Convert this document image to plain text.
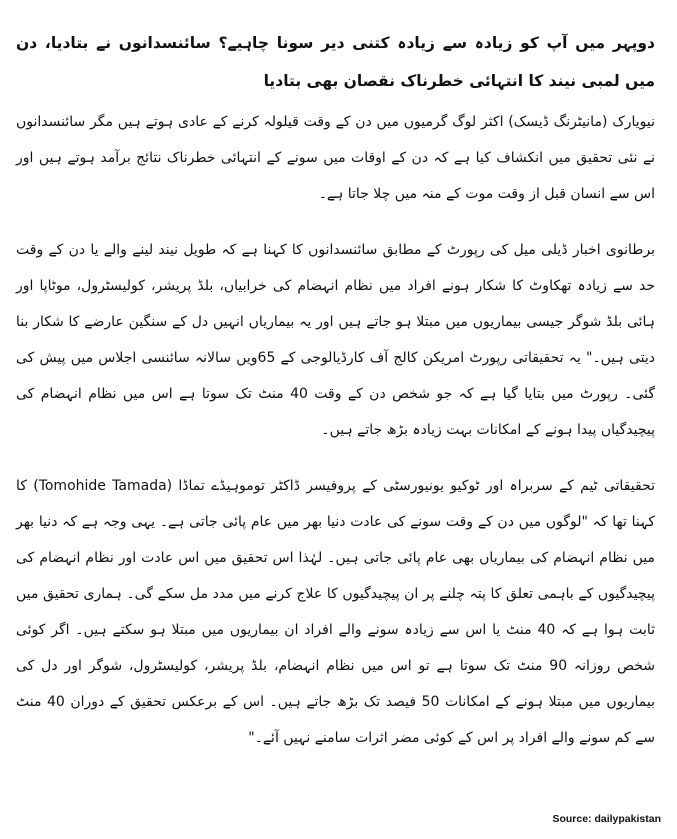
دوپہر میں آپ کو زیادہ سے زیادہ کتنی دیر سونا چاہیے؟ سائنسدانوں نے بتادیا، دن میں لمبی نیند کا انتہائی خطرناک نقصان بھی بتادیا

نیویارک (مانیٹرنگ ڈیسک) اکثر لوگ گرمیوں میں دن کے وقت قیلولہ کرنے کے عادی ہوتے ہیں مگر سائنسدانوں نے نئی تحقیق میں انکشاف کیا ہے کہ دن کے اوقات میں سونے کے انتہائی خطرناک نتائج برآمد ہوتے ہیں اور اس سے انسان قبل از وقت موت کے منہ میں چلا جاتا ہے۔

برطانوی اخبار ڈیلی میل کی رپورٹ کے مطابق سائنسدانوں کا کہنا ہے کہ طویل نیند لینے والے یا دن کے وقت حد سے زیادہ تھکاوٹ کا شکار ہونے افراد میں نظام انہضام کی خرابیاں، بلڈ پریشر، کولیسٹرول، موٹاپا اور ہائی بلڈ شوگر جیسی بیماریوں میں مبتلا ہو جاتے ہیں اور یہ بیماریاں انہیں دل کے سنگین عارضے کا شکار بنا دیتی ہیں۔" یہ تحقیقاتی رپورٹ امریکن کالج آف کارڈیالوجی کے 65ویں سالانہ سائنسی اجلاس میں پیش کی گئی۔ رپورٹ میں بتایا گیا ہے کہ جو شخص دن کے وقت 40 منٹ تک سوتا ہے اس میں نظام انہضام کی پیچیدگیاں پیدا ہونے کے امکانات بہت زیادہ بڑھ جاتے ہیں۔

تحقیقاتی ٹیم کے سربراہ اور ٹوکیو یونیورسٹی کے پروفیسر ڈاکٹر توموہیڈے تماڈا (Tomohide Tamada) کا کہنا تھا کہ "لوگوں میں دن کے وقت سونے کی عادت دنیا بھر میں عام پائی جاتی ہے۔ یہی وجہ ہے کہ دنیا بھر میں نظام انہضام کی بیماریاں بھی عام پائی جاتی ہیں۔ لہٰذا اس تحقیق میں اس عادت اور نظام انہضام کی پیچیدگیوں کے باہمی تعلق کا پتہ چلنے پر ان پیچیدگیوں کا علاج کرنے میں مدد مل سکے گی۔ ہماری تحقیق میں ثابت ہوا ہے کہ 40 منٹ یا اس سے زیادہ سونے والے افراد ان بیماریوں میں مبتلا ہو سکتے ہیں۔ اگر کوئی شخص روزانہ 90 منٹ تک سوتا ہے تو اس میں نظام انہضام، بلڈ پریشر، کولیسٹرول، شوگر اور دل کی بیماریوں میں مبتلا ہونے کے امکانات 50 فیصد تک بڑھ جاتے ہیں۔ اس کے برعکس تحقیق کے دوران 40 منٹ سے کم سونے والے افراد پر اس کے کوئی مضر اثرات سامنے نہیں آئے۔"

Source: dailypakistan
